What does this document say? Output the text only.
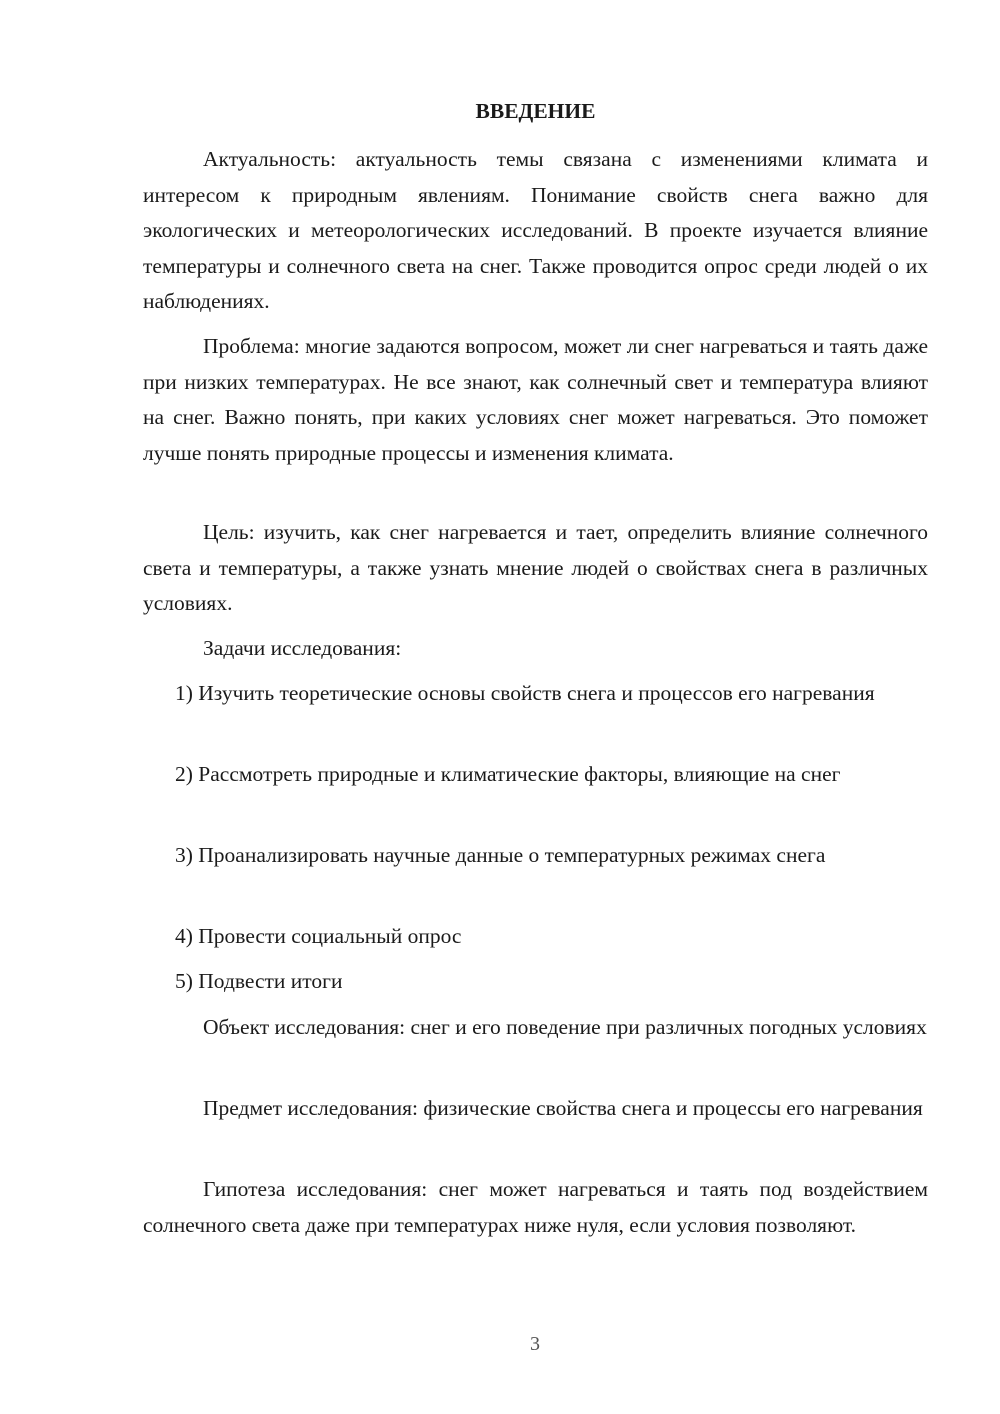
ВВЕДЕНИЕ

Актуальность: актуальность темы связана с изменениями климата и интересом к природным явлениям. Понимание свойств снега важно для экологических и метеорологических исследований. В проекте изучается влияние температуры и солнечного света на снег. Также проводится опрос среди людей о их наблюдениях.

Проблема: многие задаются вопросом, может ли снег нагреваться и таять даже при низких температурах. Не все знают, как солнечный свет и температура влияют на снег. Важно понять, при каких условиях снег может нагреваться. Это поможет лучше понять природные процессы и изменения климата.

Цель: изучить, как снег нагревается и тает, определить влияние солнечного света и температуры, а также узнать мнение людей о свойствах снега в различных условиях.

Задачи исследования:

1) Изучить теоретические основы свойств снега и процессов его нагревания

2) Рассмотреть природные и климатические факторы, влияющие на снег

3) Проанализировать научные данные о температурных режимах снега

4) Провести социальный опрос

5) Подвести итоги

Объект исследования: снег и его поведение при различных погодных условиях

Предмет исследования: физические свойства снега и процессы его нагревания

Гипотеза исследования: снег может нагреваться и таять под воздействием солнечного света даже при температурах ниже нуля, если условия позволяют.

3
